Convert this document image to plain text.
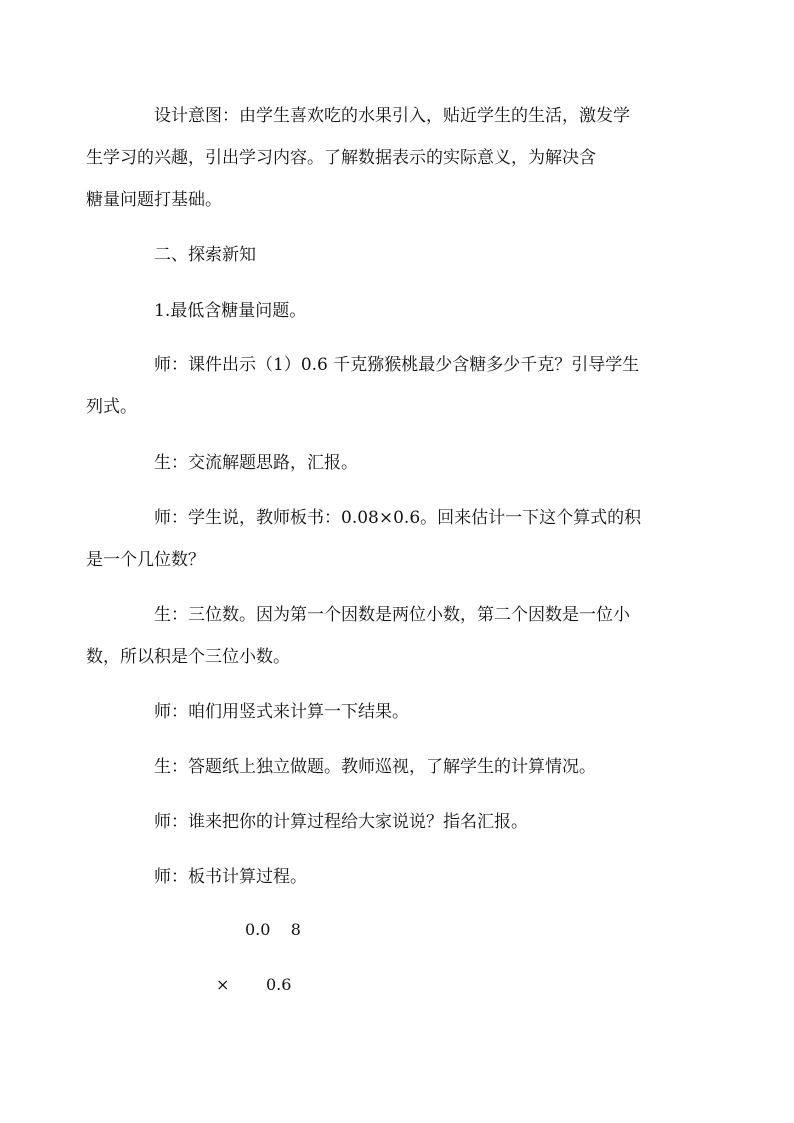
设计意图：由学生喜欢吃的水果引入，贴近学生的生活，激发学
生学习的兴趣，引出学习内容。了解数据表示的实际意义，为解决含
糖量问题打基础。
二、探索新知
1.最低含糖量问题。
师：课件出示（1）0.6 千克猕猴桃最少含糖多少千克？引导学生
列式。
生：交流解题思路，汇报。
师：学生说，教师板书：0.08×0.6。回来估计一下这个算式的积
是一个几位数？
生：三位数。因为第一个因数是两位小数，第二个因数是一位小
数，所以积是个三位小数。
师：咱们用竖式来计算一下结果。
生：答题纸上独立做题。教师巡视，了解学生的计算情况。
师：谁来把你的计算过程给大家说说？指名汇报。
师：板书计算过程。
0.0    8
× 0.6
